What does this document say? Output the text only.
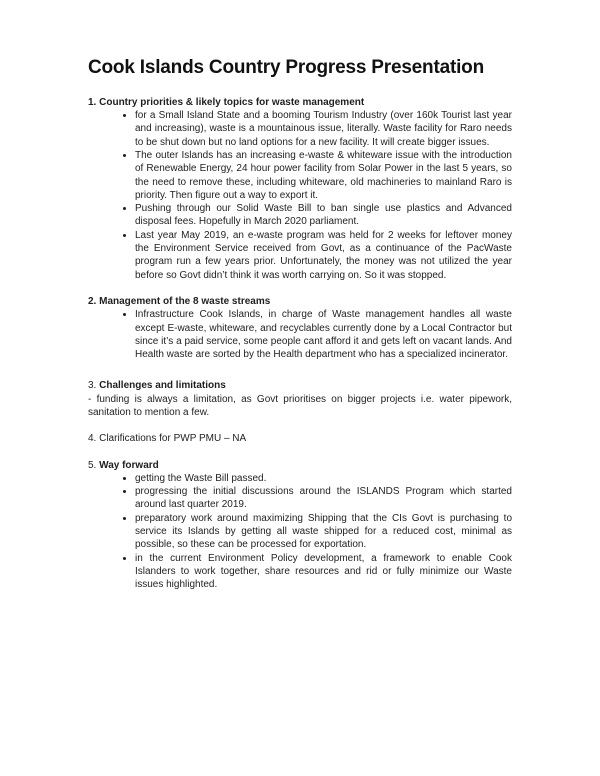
Cook Islands Country Progress Presentation

1. Country priorities & likely topics for waste management

• for a Small Island State and a booming Tourism Industry (over 160k Tourist last year and increasing), waste is a mountainous issue, literally. Waste facility for Raro needs to be shut down but no land options for a new facility. It will create bigger issues.
• The outer Islands has an increasing e-waste & whiteware issue with the introduction of Renewable Energy, 24 hour power facility from Solar Power in the last 5 years, so the need to remove these, including whiteware, old machineries to mainland Raro is priority. Then figure out a way to export it.
• Pushing through our Solid Waste Bill to ban single use plastics and Advanced disposal fees. Hopefully in March 2020 parliament.
• Last year May 2019, an e-waste program was held for 2 weeks for leftover money the Environment Service received from Govt, as a continuance of the PacWaste program run a few years prior. Unfortunately, the money was not utilized the year before so Govt didn’t think it was worth carrying on. So it was stopped.

2. Management of the 8 waste streams

• Infrastructure Cook Islands, in charge of Waste management handles all waste except E-waste, whiteware, and recyclables currently done by a Local Contractor but since it’s a paid service, some people cant afford it and gets left on vacant lands. And Health waste are sorted by the Health department who has a specialized incinerator.

3. Challenges and limitations

- funding is always a limitation, as Govt prioritises on bigger projects i.e. water pipework, sanitation to mention a few.

4. Clarifications for PWP PMU – NA

5. Way forward

• getting the Waste Bill passed.
• progressing the initial discussions around the ISLANDS Program which started around last quarter 2019.
• preparatory work around maximizing Shipping that the CIs Govt is purchasing to service its Islands by getting all waste shipped for a reduced cost, minimal as possible, so these can be processed for exportation.
• in the current Environment Policy development, a framework to enable Cook Islanders to work together, share resources and rid or fully minimize our Waste issues highlighted.
